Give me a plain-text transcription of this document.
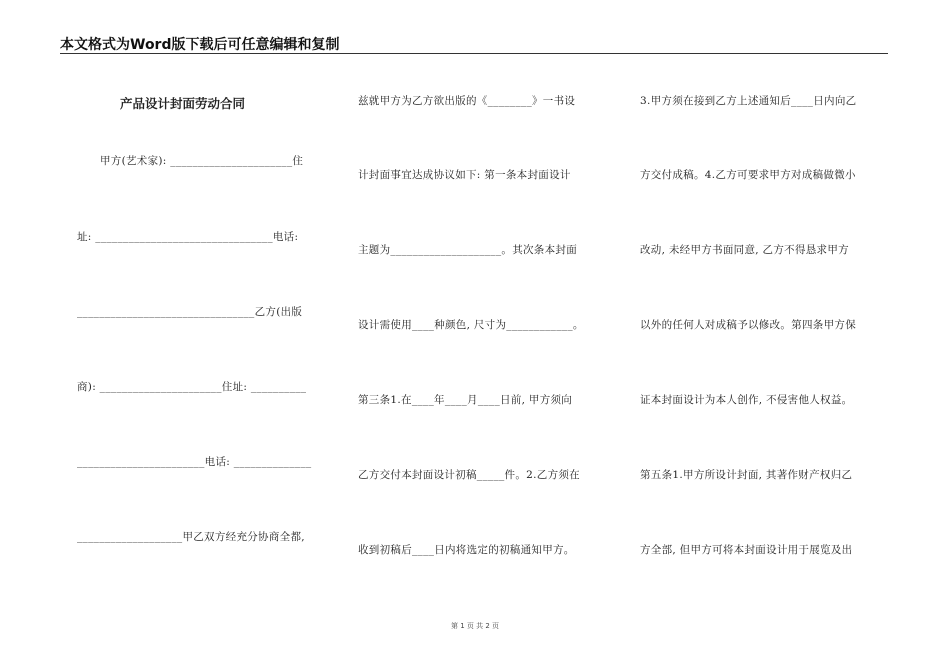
本文格式为Word版下载后可任意编辑和复制
产品设计封面劳动合同
甲方(艺术家): ______________________住
址: ________________________________电话:
________________________________乙方(出版
商): ______________________住址: __________
_______________________电话: ______________
___________________甲乙双方经充分协商全都,
兹就甲方为乙方欲出版的《________》一书设
计封面事宜达成协议如下: 第一条本封面设计
主题为____________________。其次条本封面
设计需使用____种颜色, 尺寸为____________。
第三条1.在____年____月____日前, 甲方须向
乙方交付本封面设计初稿_____件。2.乙方须在
收到初稿后____日内将选定的初稿通知甲方。
3.甲方须在接到乙方上述通知后____日内向乙
方交付成稿。4.乙方可要求甲方对成稿做微小
改动, 未经甲方书面同意, 乙方不得恳求甲方
以外的任何人对成稿予以修改。第四条甲方保
证本封面设计为本人创作, 不侵害他人权益。
第五条1.甲方所设计封面, 其著作财产权归乙
方全部, 但甲方可将本封面设计用于展览及出
第 1 页 共 2 页
